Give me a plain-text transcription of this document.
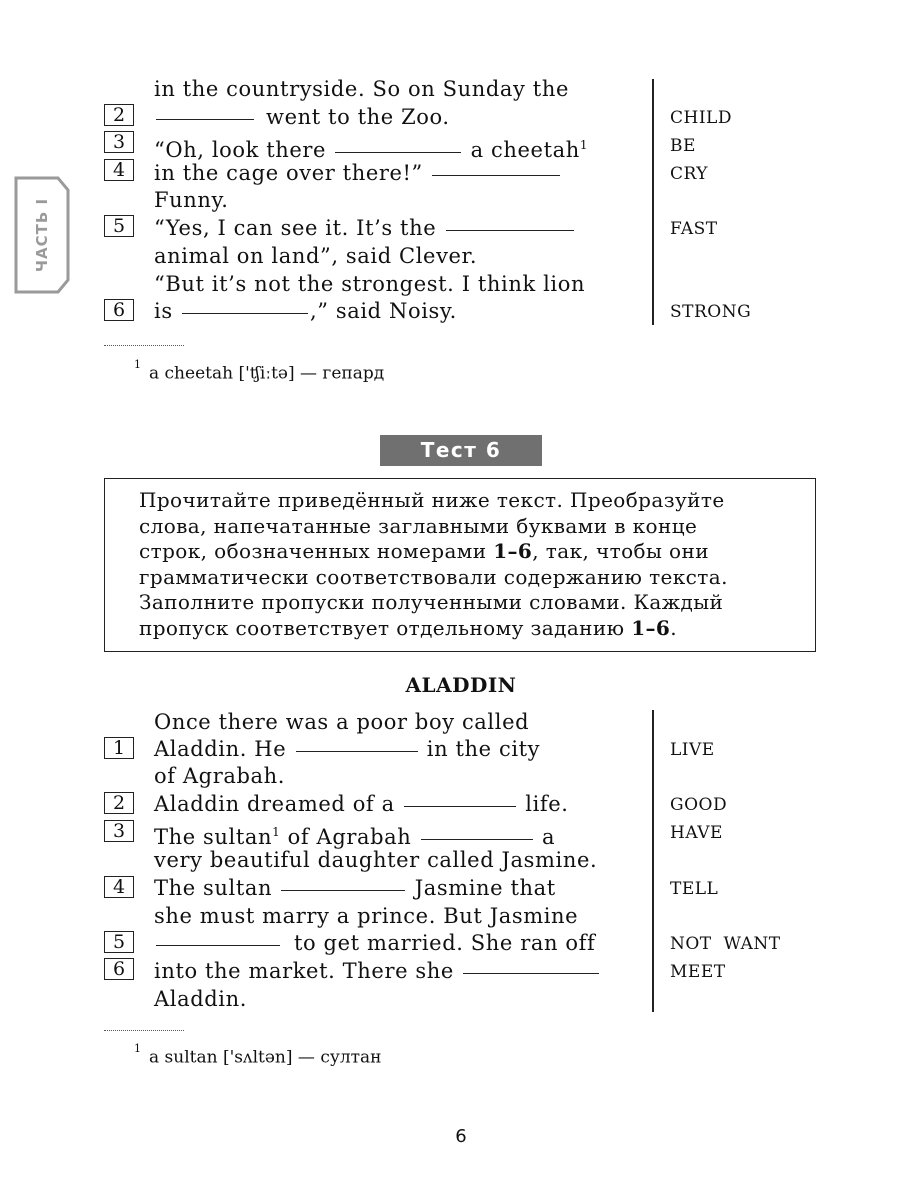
ЧАСТЬ I
in the countryside. So on Sunday the
2	went to the Zoo.	CHILD
3	“Oh, look there	a cheetah$^1$	BE
4	in the cage over there!”	CRY
Funny.
5	“Yes, I can see it. It’s the	FAST
animal on land”, said Clever.
“But it’s not the strongest. I think lion
6	is	,” said Noisy.	STRONG
$^1$ a cheetah ['ʧiːtə] — гепард
Тест 6
Прочитайте приведённый ниже текст. Преобразуйте
слова, напечатанные заглавными буквами в конце
строк, обозначенных номерами 1–6, так, чтобы они
грамматически соответствовали содержанию текста.
Заполните пропуски полученными словами. Каждый
пропуск соответствует отдельному заданию 1–6.
ALADDIN
Once there was a poor boy called
1	Aladdin. He	in the city	LIVE
of Agrabah.
2	Aladdin dreamed of a	life.	GOOD
3	The sultan$^1$ of Agrabah	a	HAVE
very beautiful daughter called Jasmine.
4	The sultan	Jasmine that	TELL
she must marry a prince. But Jasmine
5	to get married. She ran off	NOT  WANT
6	into the market. There she	MEET
Aladdin.
$^1$ a sultan ['sʌltən] — султан
6
